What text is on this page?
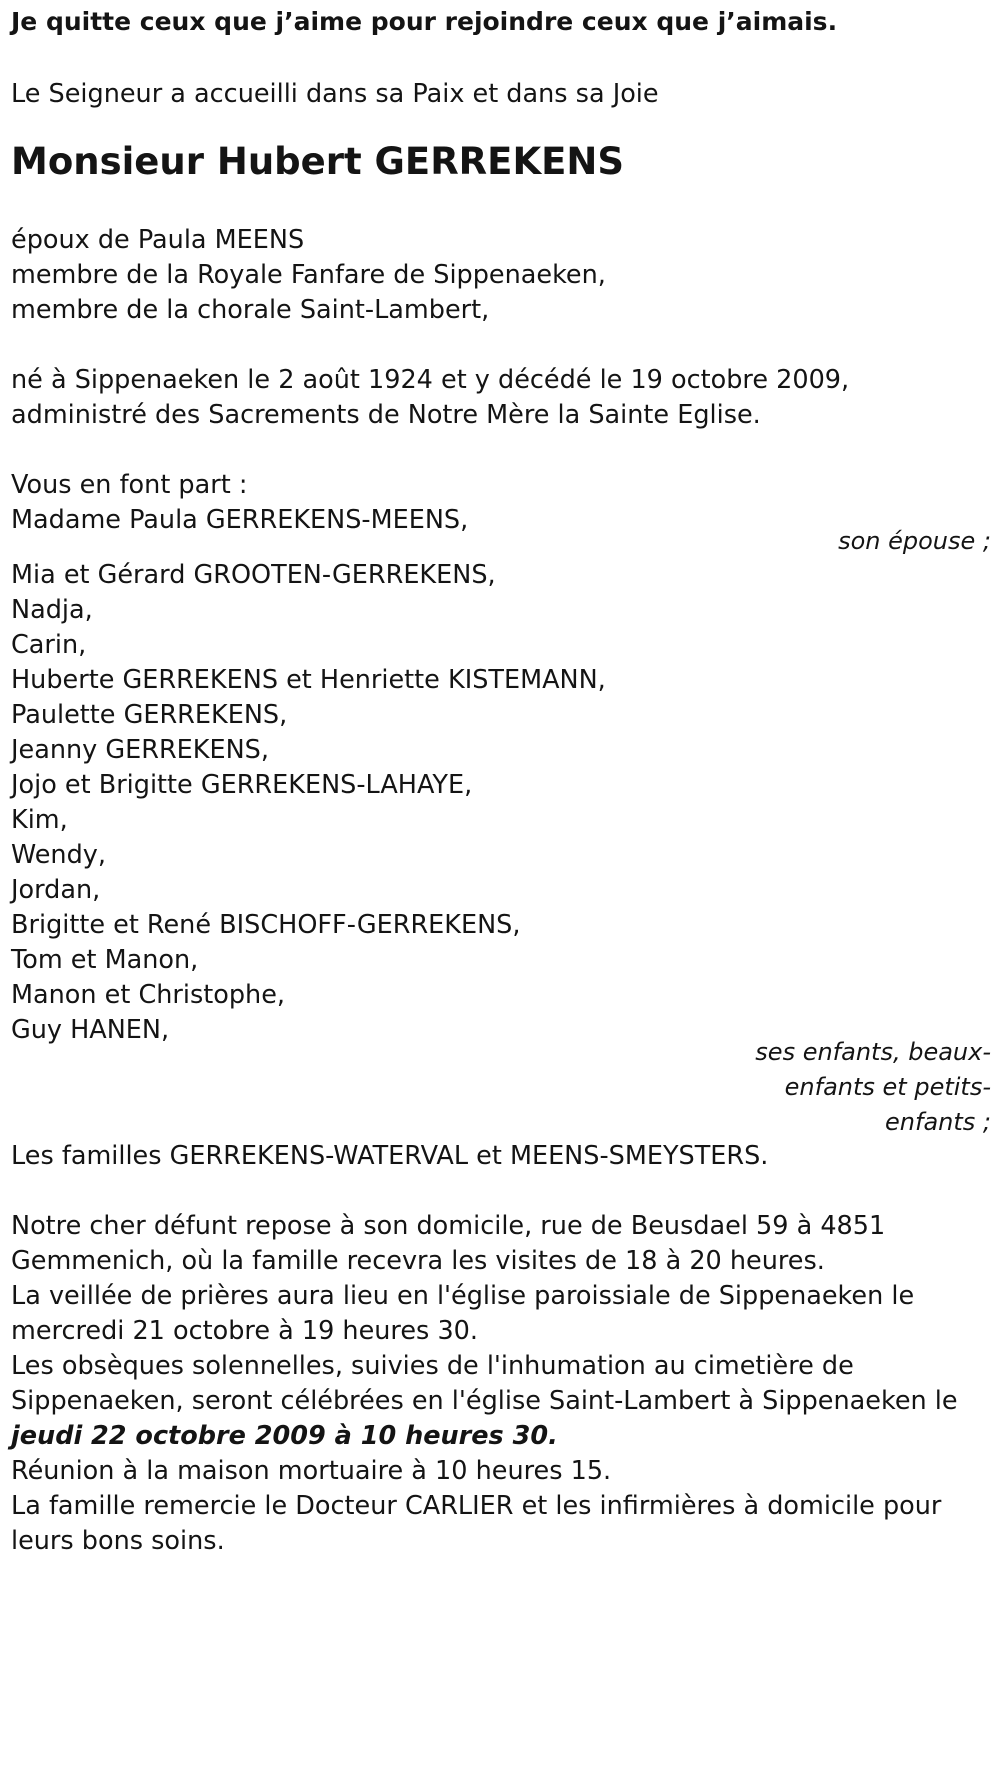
Je quitte ceux que j’aime pour rejoindre ceux que j’aimais.
Le Seigneur a accueilli dans sa Paix et dans sa Joie
Monsieur Hubert GERREKENS
époux de Paula MEENS
membre de la Royale Fanfare de Sippenaeken,
membre de la chorale Saint-Lambert,
né à Sippenaeken le 2 août 1924 et y décédé le 19 octobre 2009,
administré des Sacrements de Notre Mère la Sainte Eglise.
Vous en font part :
Madame Paula GERREKENS-MEENS,
son épouse ;
Mia et Gérard GROOTEN-GERREKENS,
Nadja,
Carin,
Huberte GERREKENS et Henriette KISTEMANN,
Paulette GERREKENS,
Jeanny GERREKENS,
Jojo et Brigitte GERREKENS-LAHAYE,
Kim,
Wendy,
Jordan,
Brigitte et René BISCHOFF-GERREKENS,
Tom et Manon,
Manon et Christophe,
Guy HANEN,
ses enfants, beaux-
enfants et petits-
enfants ;
Les familles GERREKENS-WATERVAL et MEENS-SMEYSTERS.
Notre cher défunt repose à son domicile, rue de Beusdael 59 à 4851
Gemmenich, où la famille recevra les visites de 18 à 20 heures.
La veillée de prières aura lieu en l'église paroissiale de Sippenaeken le
mercredi 21 octobre à 19 heures 30.
Les obsèques solennelles, suivies de l'inhumation au cimetière de
Sippenaeken, seront célébrées en l'église Saint-Lambert à Sippenaeken le
jeudi 22 octobre 2009 à 10 heures 30.
Réunion à la maison mortuaire à 10 heures 15.
La famille remercie le Docteur CARLIER et les infirmières à domicile pour
leurs bons soins.
